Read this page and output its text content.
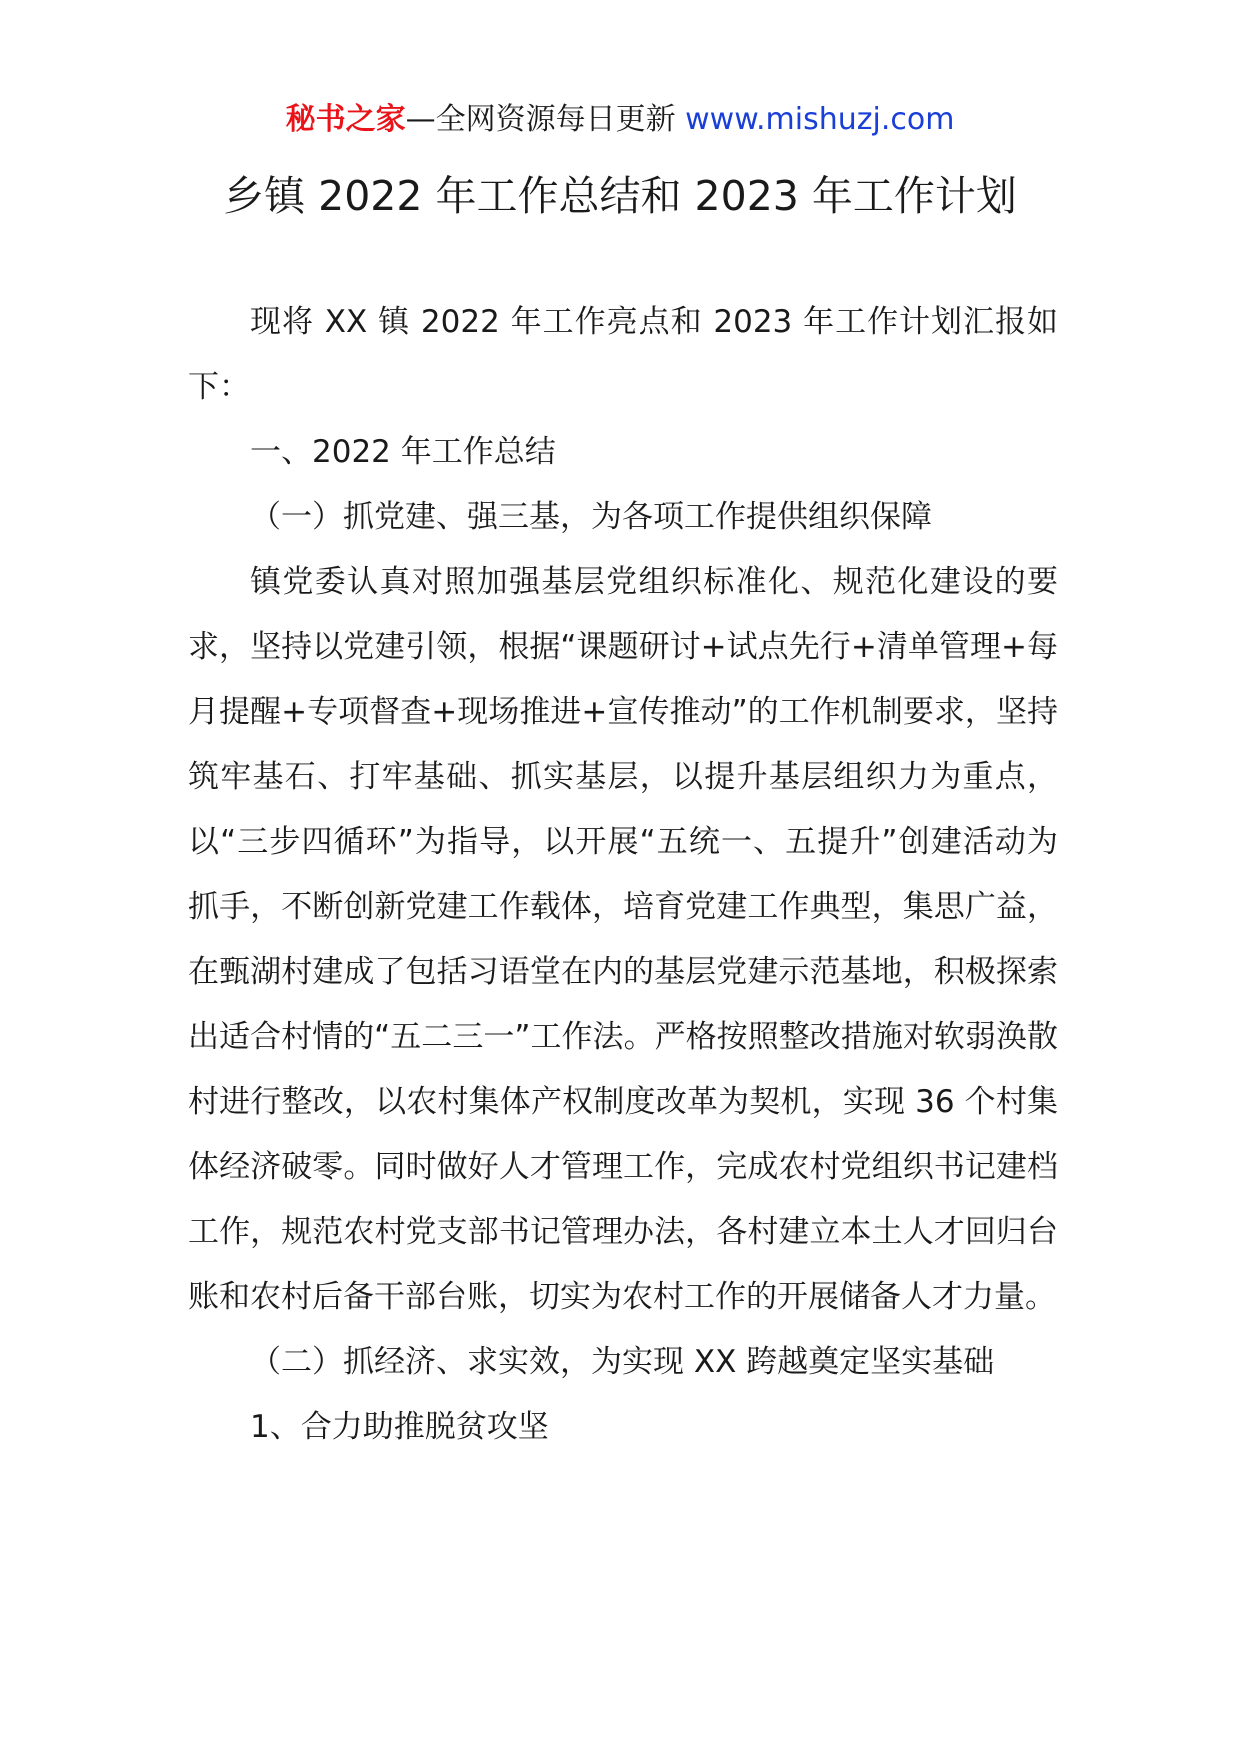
秘书之家—全网资源每日更新 www.mishuzj.com
乡镇 2022 年工作总结和 2023 年工作计划

现将 XX 镇 2022 年工作亮点和 2023 年工作计划汇报如下：

一、2022 年工作总结

（一）抓党建、强三基，为各项工作提供组织保障

镇党委认真对照加强基层党组织标准化、规范化建设的要求，坚持以党建引领，根据“课题研讨+试点先行+清单管理+每月提醒+专项督查+现场推进+宣传推动”的工作机制要求，坚持筑牢基石、打牢基础、抓实基层，以提升基层组织力为重点，以“三步四循环”为指导，以开展“五统一、五提升”创建活动为抓手，不断创新党建工作载体，培育党建工作典型，集思广益，在甄湖村建成了包括习语堂在内的基层党建示范基地，积极探索出适合村情的“五二三一”工作法。严格按照整改措施对软弱涣散村进行整改，以农村集体产权制度改革为契机，实现 36 个村集体经济破零。同时做好人才管理工作，完成农村党组织书记建档工作，规范农村党支部书记管理办法，各村建立本土人才回归台账和农村后备干部台账，切实为农村工作的开展储备人才力量。

（二）抓经济、求实效，为实现 XX 跨越奠定坚实基础

1、合力助推脱贫攻坚
